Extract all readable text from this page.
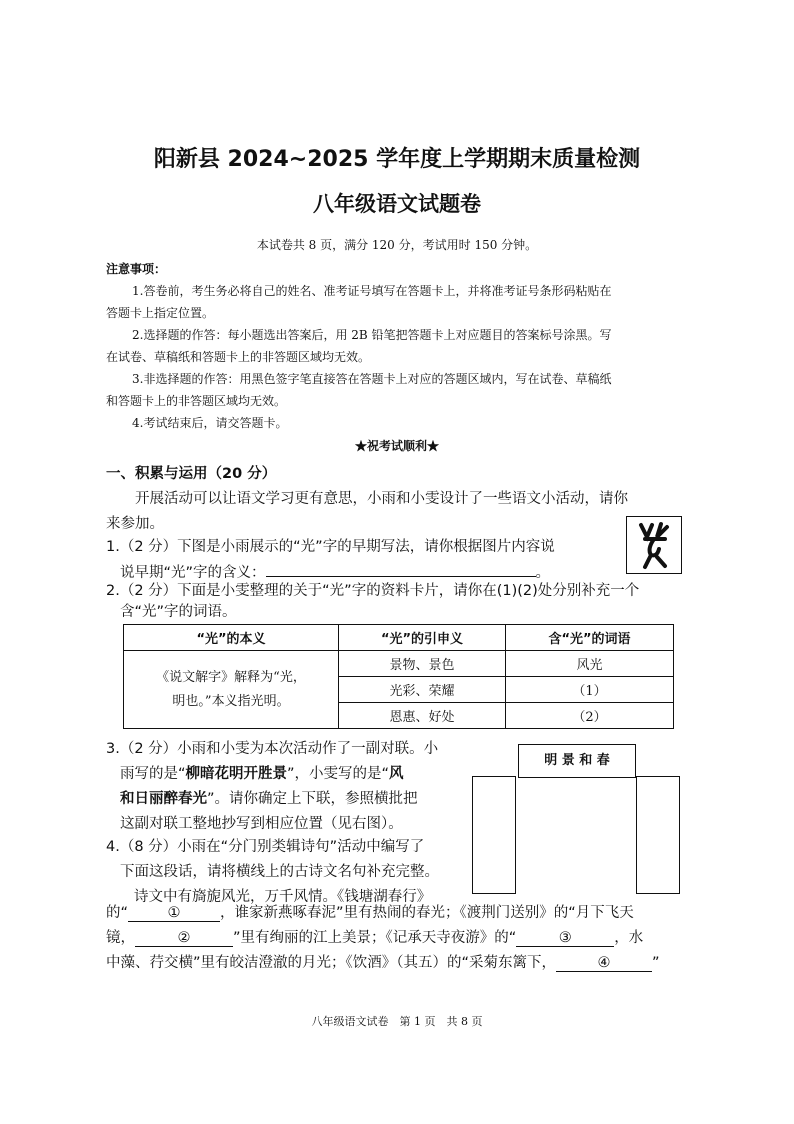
阳新县 2024~2025 学年度上学期期末质量检测
八年级语文试题卷
本试卷共 8 页，满分 120 分，考试用时 150 分钟。
注意事项：
1.答卷前，考生务必将自己的姓名、准考证号填写在答题卡上，并将准考证号条形码粘贴在
答题卡上指定位置。
2.选择题的作答：每小题选出答案后，用 2B 铅笔把答题卡上对应题目的答案标号涂黑。写
在试卷、草稿纸和答题卡上的非答题区域均无效。
3.非选择题的作答：用黑色签字笔直接答在答题卡上对应的答题区域内，写在试卷、草稿纸
和答题卡上的非答题区域均无效。
4.考试结束后，请交答题卡。
★祝考试顺利★
一、积累与运用（20 分）
开展活动可以让语文学习更有意思，小雨和小雯设计了一些语文小活动，请你
来参加。
1.（2 分）下图是小雨展示的“光”字的早期写法，请你根据图片内容说
说早期“光”字的含义：	。
2.（2 分）下面是小雯整理的关于“光”字的资料卡片，请你在(1)(2)处分别补充一个
含“光”字的词语。
“光”的本义	“光”的引申义	含“光”的词语

《说文解字》解释为“光，
明也。”本义指光明。	景物、景色	风光
	光彩、荣耀	（1）
	恩惠、好处	（2）
3.（2 分）小雨和小雯为本次活动作了一副对联。小
雨写的是“柳暗花明开胜景”，小雯写的是“风
和日丽醉春光”。请你确定上下联，参照横批把
这副对联工整地抄写到相应位置（见右图）。
明 景 和 春
4.（8 分）小雨在“分门别类辑诗句”活动中编写了
下面这段话，请将横线上的古诗文名句补充完整。
诗文中有旖旎风光，万千风情。《钱塘湖春行》
的“	①	，谁家新燕啄春泥”里有热闹的春光；《渡荆门送别》的“月下飞天
镜，	②	”里有绚丽的江上美景；《记承天寺夜游》的“	③	，水
中藻、荇交横”里有皎洁澄澈的月光；《饮酒》（其五）的“采菊东篱下，	④	”
八年级语文试卷　第 1 页　共 8 页
